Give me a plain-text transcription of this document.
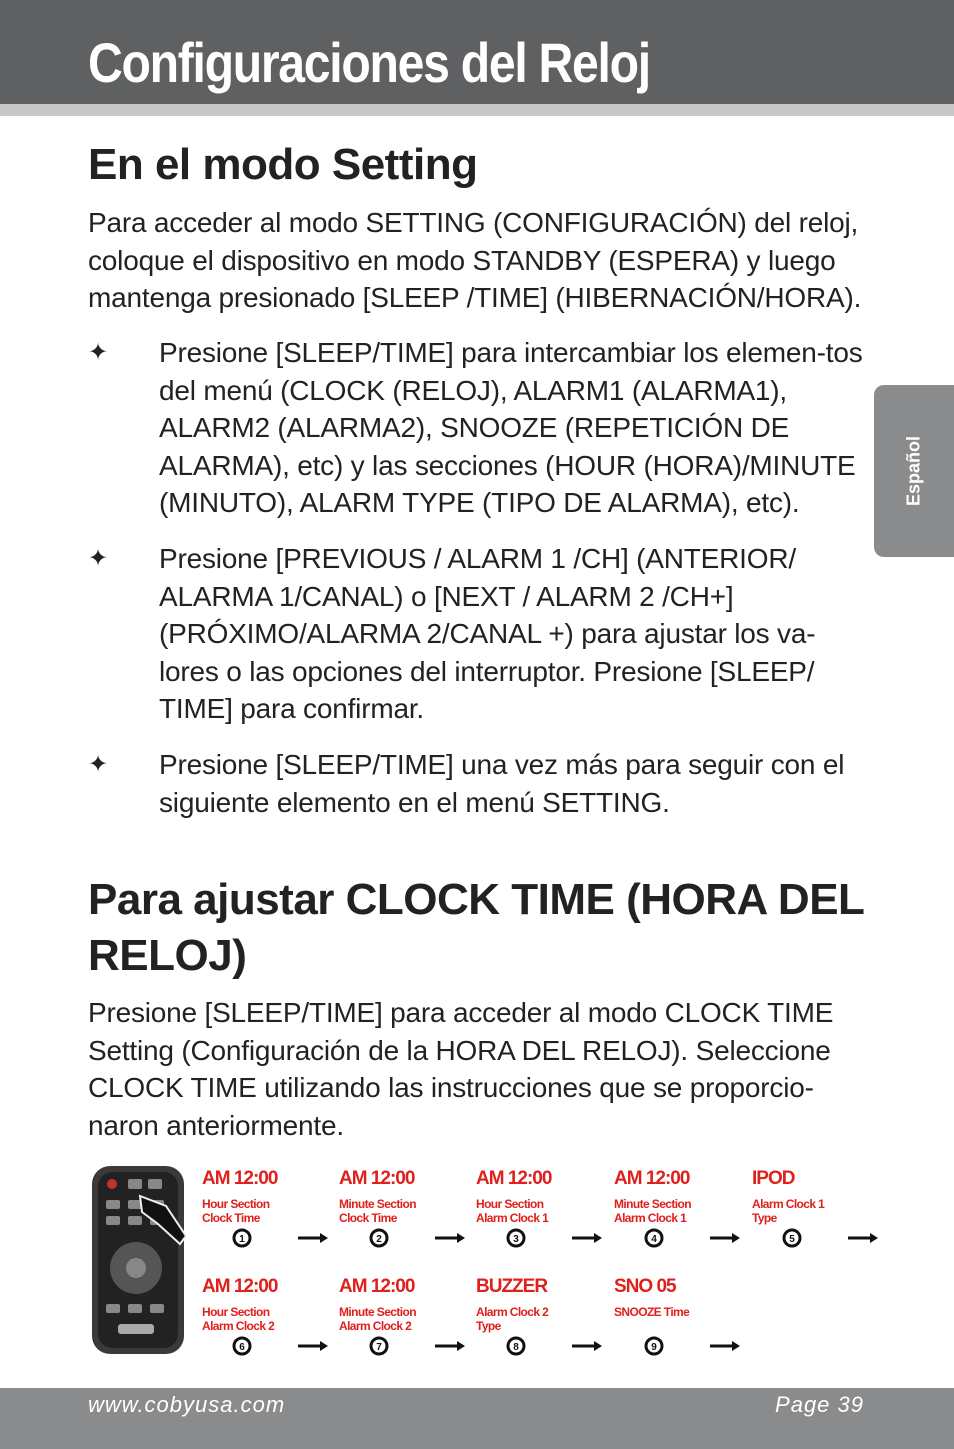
Configuraciones del Reloj
Español
En el modo Setting

Para acceder al modo SETTING (CONFIGURACIÓN) del reloj, coloque el dispositivo en modo STANDBY (ESPERA) y luego mantenga presionado [SLEEP /TIME] (HIBERNACIÓN/HORA).

✦ Presione [SLEEP/TIME] para intercambiar los elemen-tos del menú (CLOCK (RELOJ), ALARM1 (ALARMA1), ALARM2 (ALARMA2), SNOOZE (REPETICIÓN DE ALARMA), etc) y las secciones (HOUR (HORA)/MINUTE (MINUTO), ALARM TYPE (TIPO DE ALARMA), etc).
✦ Presione [PREVIOUS / ALARM 1 /CH] (ANTERIOR/ ALARMA 1/CANAL) o [NEXT / ALARM 2 /CH+] (PRÓXIMO/ALARMA 2/CANAL +) para ajustar los va-lores o las opciones del interruptor. Presione [SLEEP/ TIME] para confirmar.
✦ Presione [SLEEP/TIME] una vez más para seguir con el siguiente elemento en el menú SETTING.
Para ajustar CLOCK TIME (HORA DEL RELOJ)

Presione [SLEEP/TIME] para acceder al modo CLOCK TIME Setting (Configuración de la HORA DEL RELOJ). Seleccione CLOCK TIME utilizando las instrucciones que se proporcio-naron anteriormente.

AM 12:00
Hour Section
Clock Time
1
AM 12:00
Minute Section
Clock Time
2
AM 12:00
Hour Section
Alarm Clock 1
3
AM 12:00
Minute Section
Alarm Clock 1
4
IPOD
Alarm Clock 1
Type
5
AM 12:00
Hour Section
Alarm Clock 2
6
AM 12:00
Minute Section
Alarm Clock 2
7
BUZZER
Alarm Clock 2
Type
8
SNO 05
SNOOZE Time
9
www.cobyusa.com	Page 39
